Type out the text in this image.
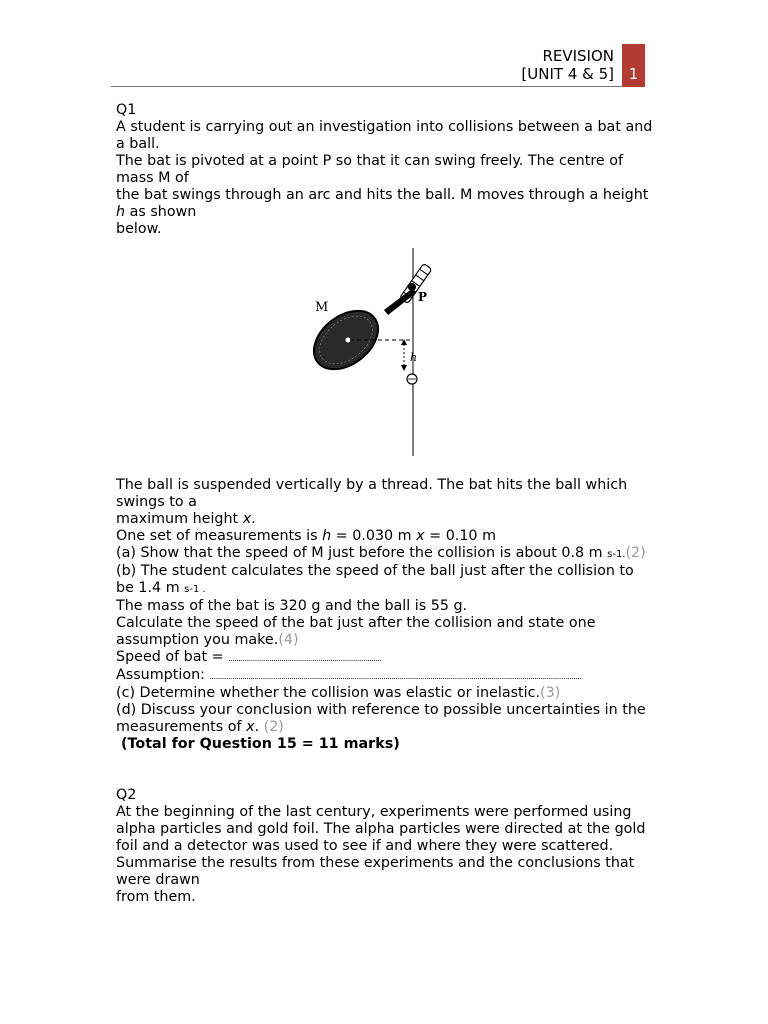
REVISION
[UNIT 4 & 5] 1

Q1

A student is carrying out an investigation into collisions between a bat and a ball.

The bat is pivoted at a point P so that it can swing freely. The centre of mass M of

the bat swings through an arc and hits the ball. M moves through a height h as shown

below.

M
P
h

The ball is suspended vertically by a thread. The bat hits the ball which swings to a

maximum height x.

One set of measurements is h = 0.030 m x = 0.10 m

(a) Show that the speed of M just before the collision is about 0.8 m s-1.(2)

(b) The student calculates the speed of the ball just after the collision to be 1.4 m s-1 .

The mass of the bat is 320 g and the ball is 55 g.

Calculate the speed of the bat just after the collision and state one assumption you make.(4)

Speed of bat = ...........................................................................

Assumption: ......................................................................................................................................................................................

(c) Determine whether the collision was elastic or inelastic.(3)

(d) Discuss your conclusion with reference to possible uncertainties in the measurements of x. (2)

(Total for Question 15 = 11 marks)

Q2

At the beginning of the last century, experiments were performed using alpha particles and gold foil. The alpha particles were directed at the gold foil and a detector was used to see if and where they were scattered.

Summarise the results from these experiments and the conclusions that were drawn

from them.
